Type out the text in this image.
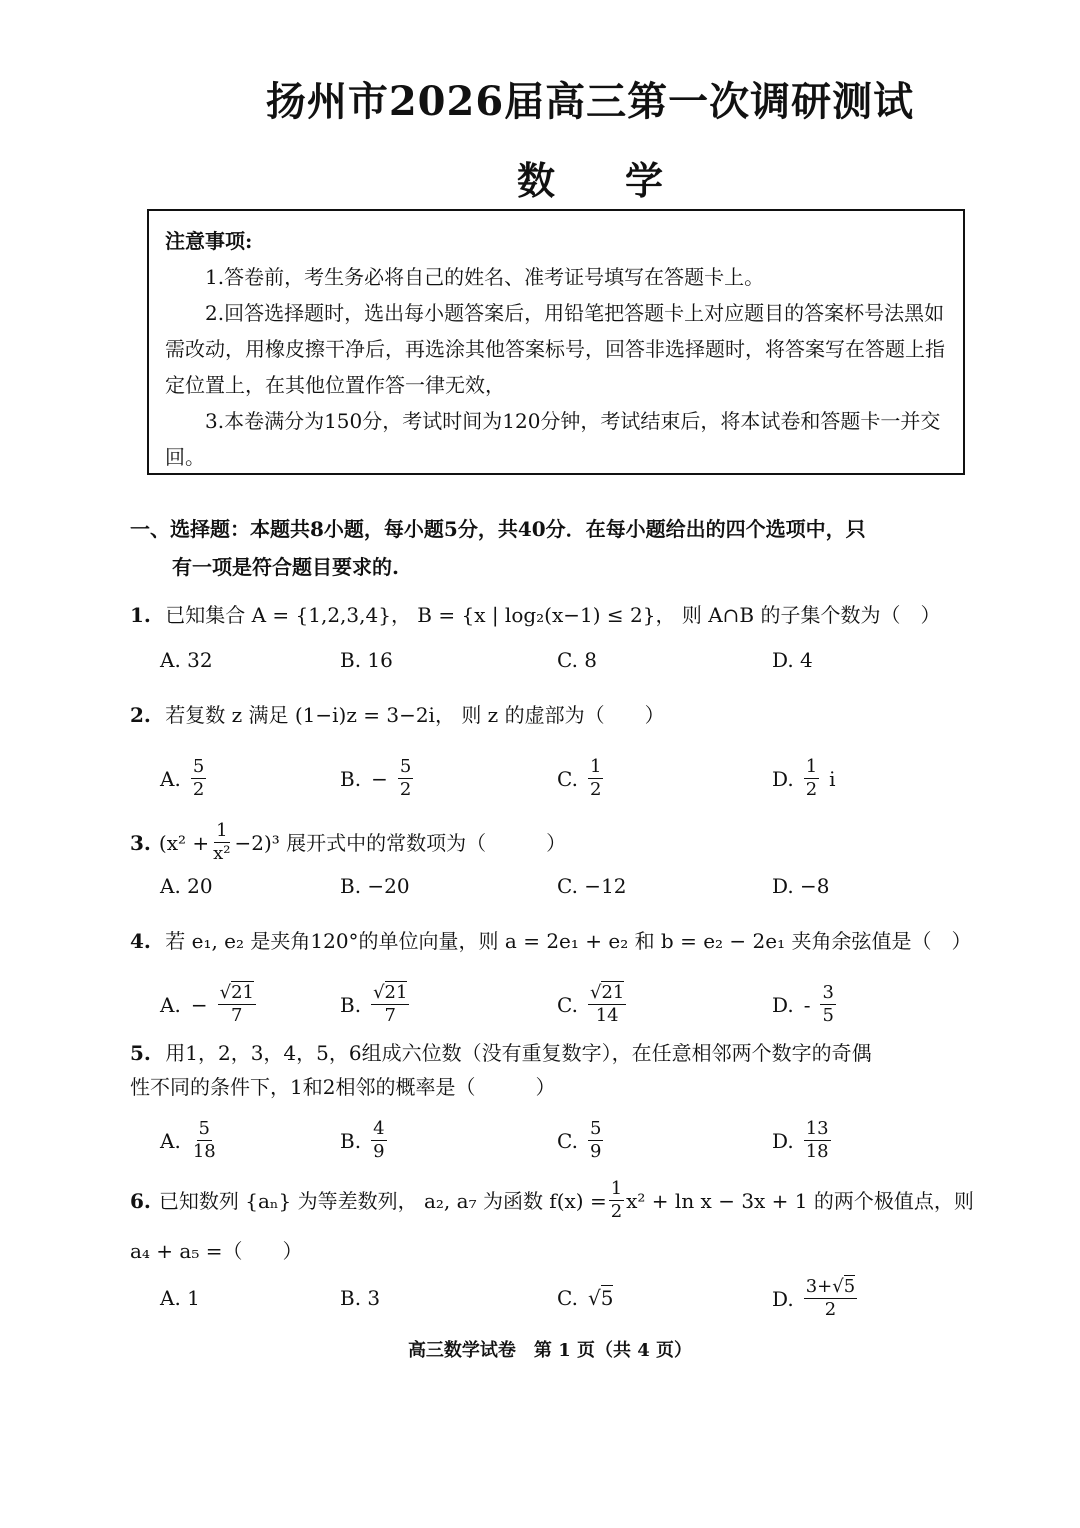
扬州市2026届高三第一次调研测试
数学

注意事项:

1.答卷前，考生务必将自己的姓名、准考证号填写在答题卡上。

2.回答选择题时，选出每小题答案后，用铅笔把答题卡上对应题目的答案杯号法黑如需改动，用橡皮擦干净后，再选涂其他答案标号，回答非选择题时，将答案写在答题上指定位置上，在其他位置作答一律无效，

3.本卷满分为150分，考试时间为120分钟，考试结束后，将本试卷和答题卡一并交回。

一、选择题：本题共8小题，每小题5分，共40分．在每小题给出的四个选项中，只
有一项是符合题目要求的.
1. 已知集合 A = {1,2,3,4}， B = {x | log₂(x−1) ≤ 2}， 则 A∩B 的子集个数为（　）
A. 32	B. 16	C. 8	D. 4
2. 若复数 z 满足 (1−i)z = 3−2i， 则 z 的虚部为（　　）
A. $\frac{5}{2}$	B. − $\frac{5}{2}$	C. $\frac{1}{2}$	D. $\frac{1}{2}$ i
3. $(x^2 + \frac{1}{\text{x²}} -2)^3$ 展开式中的常数项为（　　　）
A. 20	B. −20	C. −12	D. −8
4. 若 e₁, e₂ 是夹角120°的单位向量，则 a = 2e₁ + e₂ 和 b = e₂ − 2e₁ 夹角余弦值是（　）
A. − $\frac{√21}{7}$	B. $\frac{√21}{7}$	C. $\frac{√21}{14}$	D. - $\frac{3}{5}$
5. 用1，2，3，4，5，6组成六位数（没有重复数字），在任意相邻两个数字的奇偶
性不同的条件下，1和2相邻的概率是（　　　）
A. $\frac{5}{18}$	B. $\frac{4}{9}$	C. $\frac{5}{9}$	D. $\frac{13}{18}$
6. 已知数列 {aₙ} 为等差数列， a₂, a₇ 为函数 $f(x) = \frac{1}{2} x^2 + \ln x - 3x + 1$ 的两个极值点，则
a₄ + a₅ =（　　）
A. 1	B. 3	C. √5	D. $\frac{3+√5}{2}$
高三数学试卷　第 1 页（共 4 页）
